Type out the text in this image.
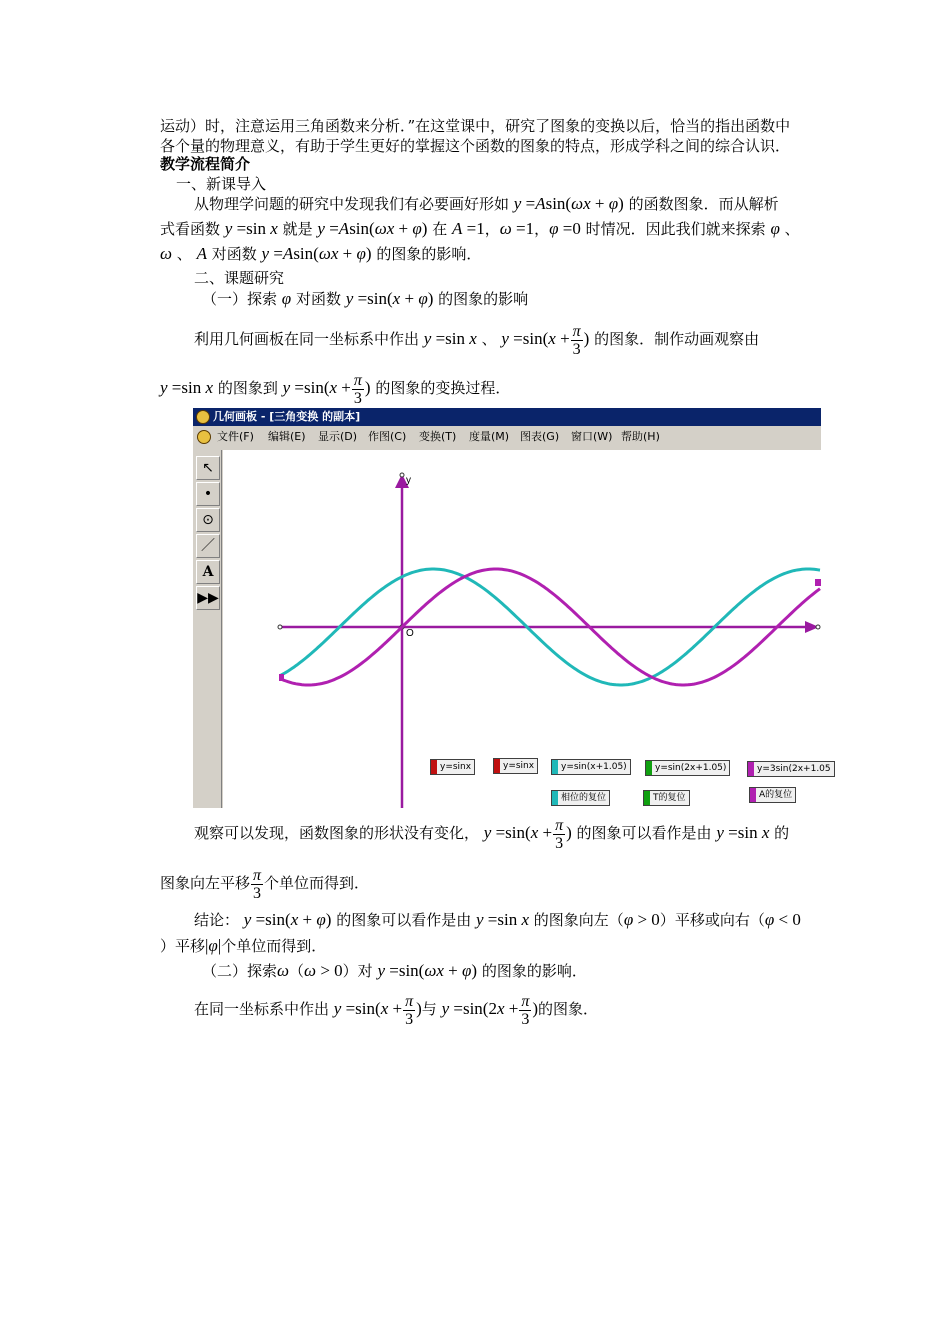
运动）时，注意运用三角函数来分析．”在这堂课中，研究了图象的变换以后，恰当的指出函数中
各个量的物理意义，有助于学生更好的掌握这个函数的图象的特点，形成学科之间的综合认识．
教学流程简介
一、新课导入
从物理学问题的研究中发现我们有必要画好形如 y =Asin(ωx + φ) 的函数图象．而从解析
式看函数 y =sin x 就是 y =Asin(ωx + φ) 在 A =1，ω =1，φ =0 时情况．因此我们就来探索 φ 、
ω 、 A 对函数 y =Asin(ωx + φ) 的图象的影响．
二、课题研究
（一）探索 φ 对函数 y =sin(x + φ) 的图象的影响
利用几何画板在同一坐标系中作出 y =sin x 、 $y =\sin(x + \frac{\pi}{3}$ ) 的图象．制作动画观察由
y =sin x 的图象到 $y =\sin(x + \frac{\pi}{3}$ ) 的图象的变换过程．
几何画板 - [三角变换 的副本]
文件(F) 编辑(E) 显示(D) 作图(C) 变换(T) 度量(M) 图表(G) 窗口(W) 帮助(H)
↖
•
⊙
／
A
▶▶
y
O
y=sinx	y=sinx	y=sin(x+1.05)	y=sin(2x+1.05)	y=3sin(2x+1.05
相位的复位	T的复位	A的复位
观察可以发现，函数图象的形状没有变化， $y =\sin(x + \frac{\pi}{3}$ ) 的图象可以看作是由 y =sin x 的
图象向左平移 $\frac{\pi}{3}$ 个单位而得到．
结论： y =sin(x + φ) 的图象可以看作是由 y =sin x 的图象向左（φ > 0）平移或向右（φ < 0
）平移|φ|个单位而得到．
（二）探索ω（ω > 0）对 y =sin(ωx + φ) 的图象的影响．
在同一坐标系中作出 $y =\sin(x + \frac{\pi}{3}$ )与 $y =\sin(2x + \frac{\pi}{3}$ )的图象．
